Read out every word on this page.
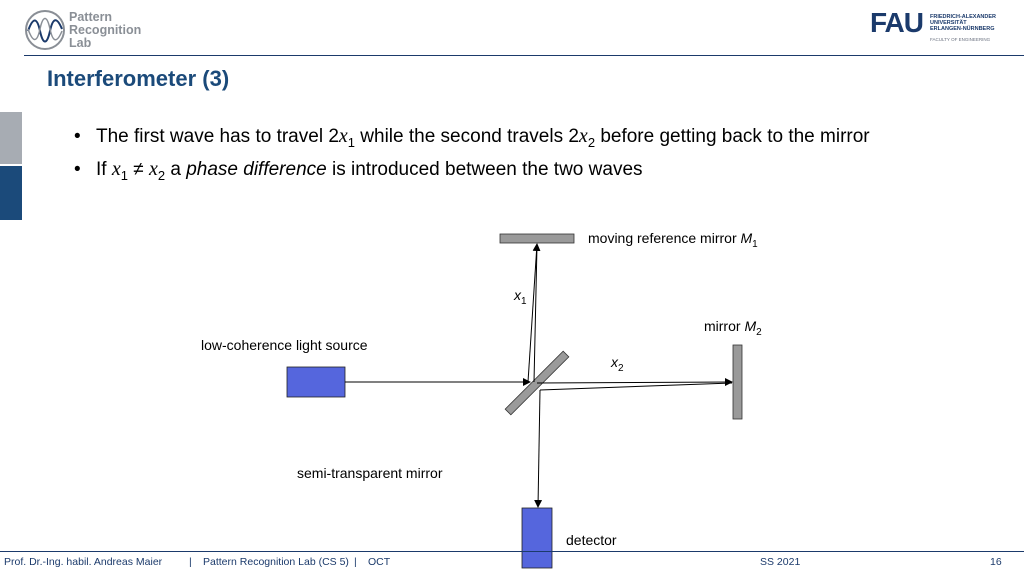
Pattern
Recognition
Lab
FAU FRIEDRICH-ALEXANDER
UNIVERSITÄT
ERLANGEN-NÜRNBERG
FACULTY OF ENGINEERING
Interferometer (3)
• The first wave has to travel $2x_1$ while the second travels $2x_2$ before getting back to the mirror
• If $x_1 \ne x_2$ a phase difference is introduced between the two waves
moving reference mirror $M_1$
$x_1$
mirror $M_2$
$x_2$
low-coherence light source
semi-transparent mirror
detector
Prof. Dr.-Ing. habil. Andreas Maier	| Pattern Recognition Lab (CS 5) | OCT	SS 2021	16
